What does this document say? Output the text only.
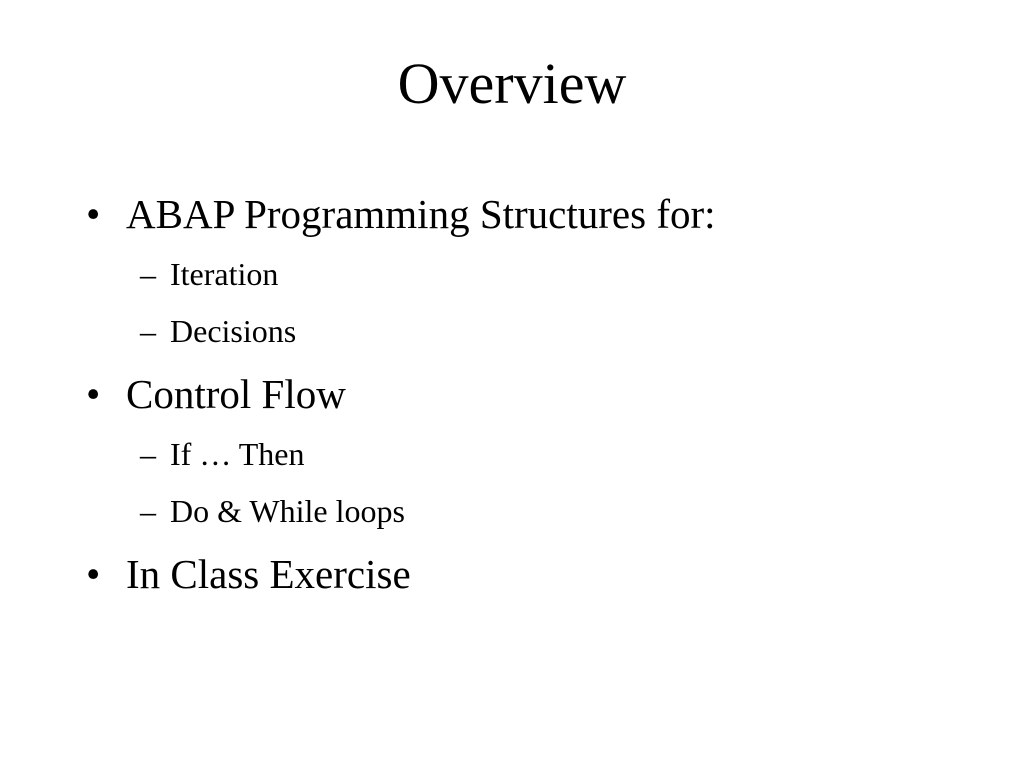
Overview
• ABAP Programming Structures for:
– Iteration
– Decisions
• Control Flow
– If … Then
– Do & While loops
• In Class Exercise
